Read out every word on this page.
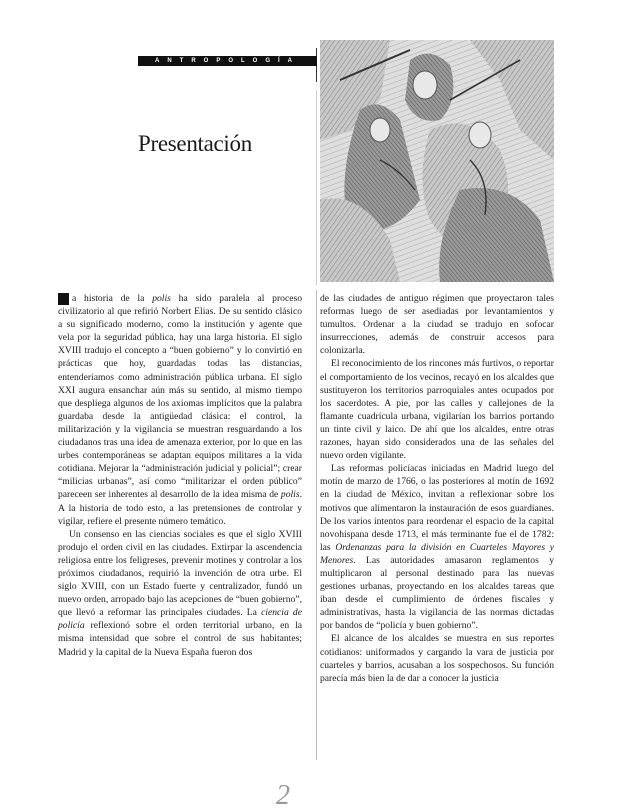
ANTROPOLOGÍA
Presentación

a historia de la polis ha sido paralela al proceso civilizatorio al que refirió Norbert Elias. De su sentido clásico a su significado moderno, como la institución y agente que vela por la seguridad pública, hay una larga historia. El siglo XVIII tradujo el concepto a “buen gobierno” y lo convirtió en prácticas que hoy, guardadas todas las distancias, entenderíamos como administración pública urbana. El siglo XXI augura ensanchar aún más su sentido, al mismo tiempo que despliega algunos de los axiomas implícitos que la palabra guardaba desde la antigüedad clásica: el control, la militarización y la vigilancia se muestran resguardando a los ciudadanos tras una idea de amenaza exterior, por lo que en las urbes contemporáneas se adaptan equipos militares a la vida cotidiana. Mejorar la “administración judicial y policial”; crear “milicias urbanas”, así como “militarizar el orden público” pareceen ser inherentes al desarrollo de la idea misma de polis. A la historia de todo esto, a las pretensiones de controlar y vigilar, refiere el presente número temático.

Un consenso en las ciencias sociales es que el siglo XVIII produjo el orden civil en las ciudades. Extirpar la ascendencia religiosa entre los feligreses, prevenir motines y controlar a los próximos ciudadanos, requirió la invención de otra urbe. El siglo XVIII, con un Estado fuerte y centralizador, fundó un nuevo orden, arropado bajo las acepciones de “buen gobierno”, que llevó a reformar las principales ciudades. La ciencia de policía reflexionó sobre el orden territorial urbano, en la misma intensidad que sobre el control de sus habitantes; Madrid y la capital de la Nueva España fueron dos

de las ciudades de antiguo régimen que proyectaron tales reformas luego de ser asediadas por levantamientos y tumultos. Ordenar a la ciudad se tradujo en sofocar insurrecciones, además de construir accesos para colonizarla.

El reconocimiento de los rincones más furtivos, o reportar el comportamiento de los vecinos, recayó en los alcaldes que sustituyeron los territorios parroquiales antes ocupados por los sacerdotes. A pie, por las calles y callejones de la flamante cuadrícula urbana, vigilarían los barrios portando un tinte civil y laico. De ahí que los alcaldes, entre otras razones, hayan sido considerados una de las señales del nuevo orden vigilante.

Las reformas policíacas iniciadas en Madrid luego del motín de marzo de 1766, o las posteriores al motín de 1692 en la ciudad de México, invitan a reflexionar sobre los motivos que alimentaron la instauración de esos guardianes. De los varios intentos para reordenar el espacio de la capital novohispana desde 1713, el más terminante fue el de 1782: las Ordenanzas para la división en Cuarteles Mayores y Menores. Las autoridades amasaron reglamentos y multiplicaron al personal destinado para las nuevas gestiones urbanas, proyectando en los alcaldes tareas que iban desde el cumplimiento de órdenes fiscales y administrativas, hasta la vigilancia de las normas dictadas por bandos de “policía y buen gobierno”.

El alcance de los alcaldes se muestra en sus reportes cotidianos: uniformados y cargando la vara de justicia por cuarteles y barrios, acusaban a los sospechosos. Su función parecía más bien la de dar a conocer la justicia

2
